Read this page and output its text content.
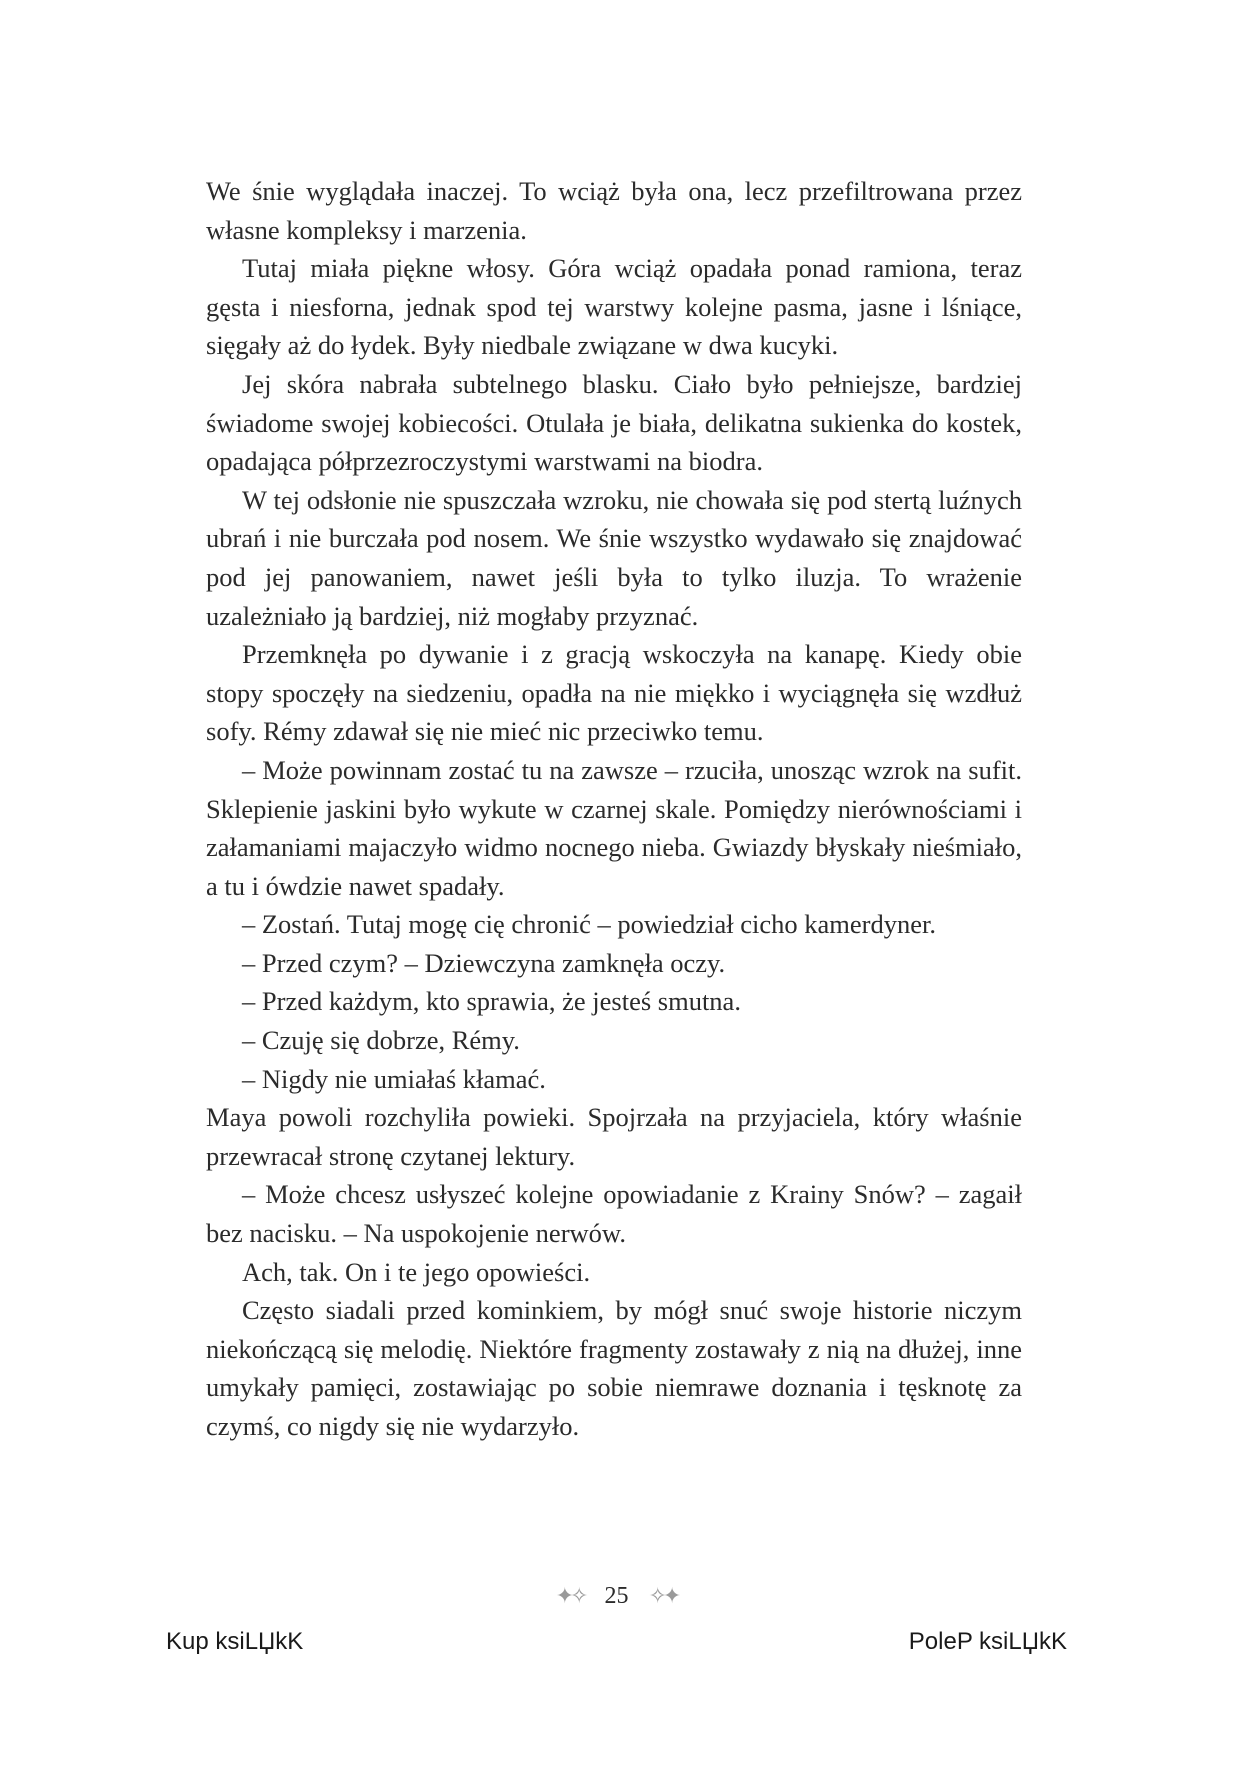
We śnie wyglądała inaczej. To wciąż była ona, lecz przefiltrowana przez własne kompleksy i marzenia.

Tutaj miała piękne włosy. Góra wciąż opadała ponad ramiona, teraz gęsta i niesforna, jednak spod tej warstwy kolejne pasma, jasne i lśniące, sięgały aż do łydek. Były niedbale związane w dwa kucyki.

Jej skóra nabrała subtelnego blasku. Ciało było pełniejsze, bardziej świadome swojej kobiecości. Otulała je biała, delikatna sukienka do kostek, opadająca półprzezroczystymi warstwami na biodra.

W tej odsłonie nie spuszczała wzroku, nie chowała się pod stertą luźnych ubrań i nie burczała pod nosem. We śnie wszystko wydawało się znajdować pod jej panowaniem, nawet jeśli była to tylko iluzja. To wrażenie uzależniało ją bardziej, niż mogłaby przyznać.

Przemknęła po dywanie i z gracją wskoczyła na kanapę. Kiedy obie stopy spoczęły na siedzeniu, opadła na nie miękko i wyciągnęła się wzdłuż sofy. Rémy zdawał się nie mieć nic przeciwko temu.

– Może powinnam zostać tu na zawsze – rzuciła, unosząc wzrok na sufit. Sklepienie jaskini było wykute w czarnej skale. Pomiędzy nierównościami i załamaniami majaczyło widmo nocnego nieba. Gwiazdy błyskały nieśmiało, a tu i ówdzie nawet spadały.

– Zostań. Tutaj mogę cię chronić – powiedział cicho kamerdyner.

– Przed czym? – Dziewczyna zamknęła oczy.

– Przed każdym, kto sprawia, że jesteś smutna.

– Czuję się dobrze, Rémy.

– Nigdy nie umiałaś kłamać.

Maya powoli rozchyliła powieki. Spojrzała na przyjaciela, który właśnie przewracał stronę czytanej lektury.

– Może chcesz usłyszeć kolejne opowiadanie z Krainy Snów? – zagaił bez nacisku. – Na uspokojenie nerwów.

Ach, tak. On i te jego opowieści.

Często siadali przed kominkiem, by mógł snuć swoje historie niczym niekończącą się melodię. Niektóre fragmenty zostawały z nią na dłużej, inne umykały pamięci, zostawiając po sobie niemrawe doznania i tęsknotę za czymś, co nigdy się nie wydarzyło.

✦✧ 25 ✧✦
Kup ksiLЏkK	PoleP ksiLЏkK
